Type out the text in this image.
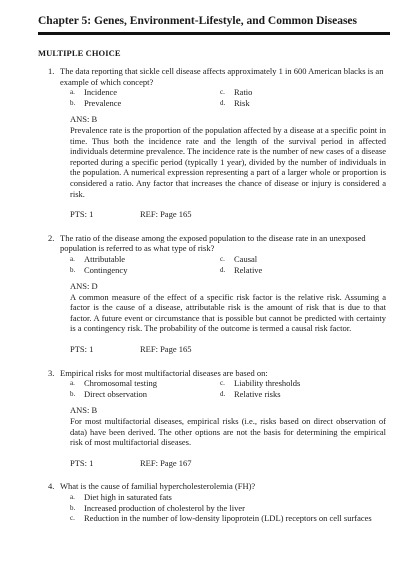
Chapter 5: Genes, Environment-Lifestyle, and Common Diseases
MULTIPLE CHOICE
1. The data reporting that sickle cell disease affects approximately 1 in 600 American blacks is an example of which concept?
a.	Incidence	c.	Ratio
b.	Prevalence	d.	Risk

ANS: B

Prevalence rate is the proportion of the population affected by a disease at a specific point in time. Thus both the incidence rate and the length of the survival period in affected individuals determine prevalence. The incidence rate is the number of new cases of a disease reported during a specific period (typically 1 year), divided by the number of individuals in the population. A numerical expression representing a part of a larger whole or proportion is considered a ratio. Any factor that increases the chance of disease or injury is considered a risk.

PTS: 1	REF: Page 165
2. The ratio of the disease among the exposed population to the disease rate in an unexposed population is referred to as what type of risk?
a.	Attributable	c.	Causal
b.	Contingency	d.	Relative

ANS: D

A common measure of the effect of a specific risk factor is the relative risk. Assuming a factor is the cause of a disease, attributable risk is the amount of risk that is due to that factor. A future event or circumstance that is possible but cannot be predicted with certainty is a contingency risk. The probability of the outcome is termed a causal risk factor.

PTS: 1	REF: Page 165
3. Empirical risks for most multifactorial diseases are based on:
a.	Chromosomal testing	c.	Liability thresholds
b.	Direct observation	d.	Relative risks

ANS: B

For most multifactorial diseases, empirical risks (i.e., risks based on direct observation of data) have been derived. The other options are not the basis for determining the empirical risk of most multifactorial diseases.

PTS: 1	REF: Page 167
4. What is the cause of familial hypercholesterolemia (FH)?
a.	Diet high in saturated fats
b.	Increased production of cholesterol by the liver
c.	Reduction in the number of low-density lipoprotein (LDL) receptors on cell surfaces
